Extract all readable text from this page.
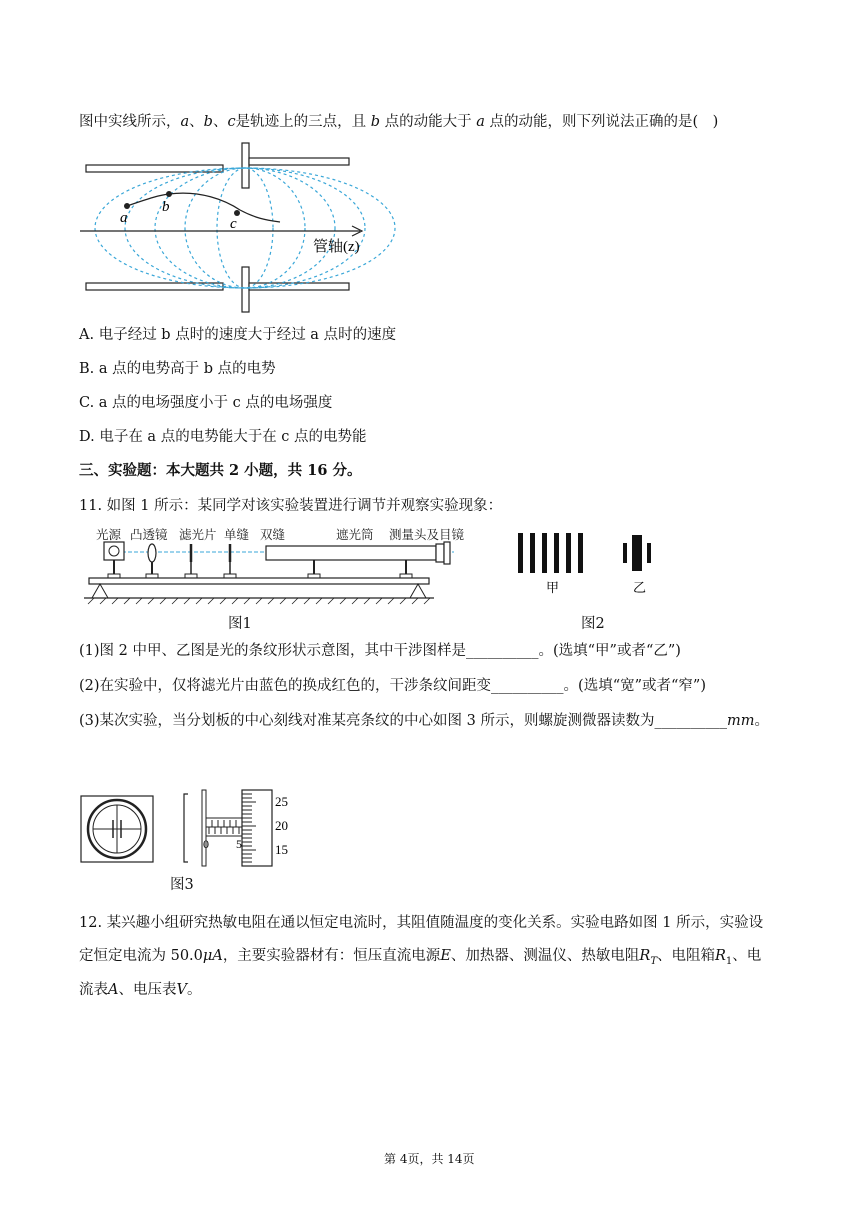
图中实线所示，a、b、c是轨迹上的三点，且 b 点的动能大于 a 点的动能，则下列说法正确的是(　)
a
b
c
管轴(z)
A. 电子经过 b 点时的速度大于经过 a 点时的速度
B. a 点的电势高于 b 点的电势
C. a 点的电场强度小于 c 点的电场强度
D. 电子在 a 点的电势能大于在 c 点的电势能
三、实验题：本大题共 2 小题，共 16 分。
11. 如图 1 所示：某同学对该实验装置进行调节并观察实验现象：
光源 凸透镜 滤光片 单缝 双缝	遮光筒 测量头及目镜
图1
甲	乙
图2
(1)图 2 中甲、乙图是光的条纹形状示意图，其中干涉图样是__________。(选填“甲”或者“乙”)
(2)在实验中，仅将滤光片由蓝色的换成红色的，干涉条纹间距变__________。(选填“宽”或者“窄”)
(3)某次实验，当分划板的中心刻线对准某亮条纹的中心如图 3 所示，则螺旋测微器读数为__________mm。
0 5
25
20
15
图3
12. 某兴趣小组研究热敏电阻在通以恒定电流时，其阻值随温度的变化关系。实验电路如图 1 所示，实验设
定恒定电流为 50.0μA，主要实验器材有：恒压直流电源E、加热器、测温仪、热敏电阻$R_T$、电阻箱$R_1$、电
流表A、电压表V。
第 4页，共 14页
